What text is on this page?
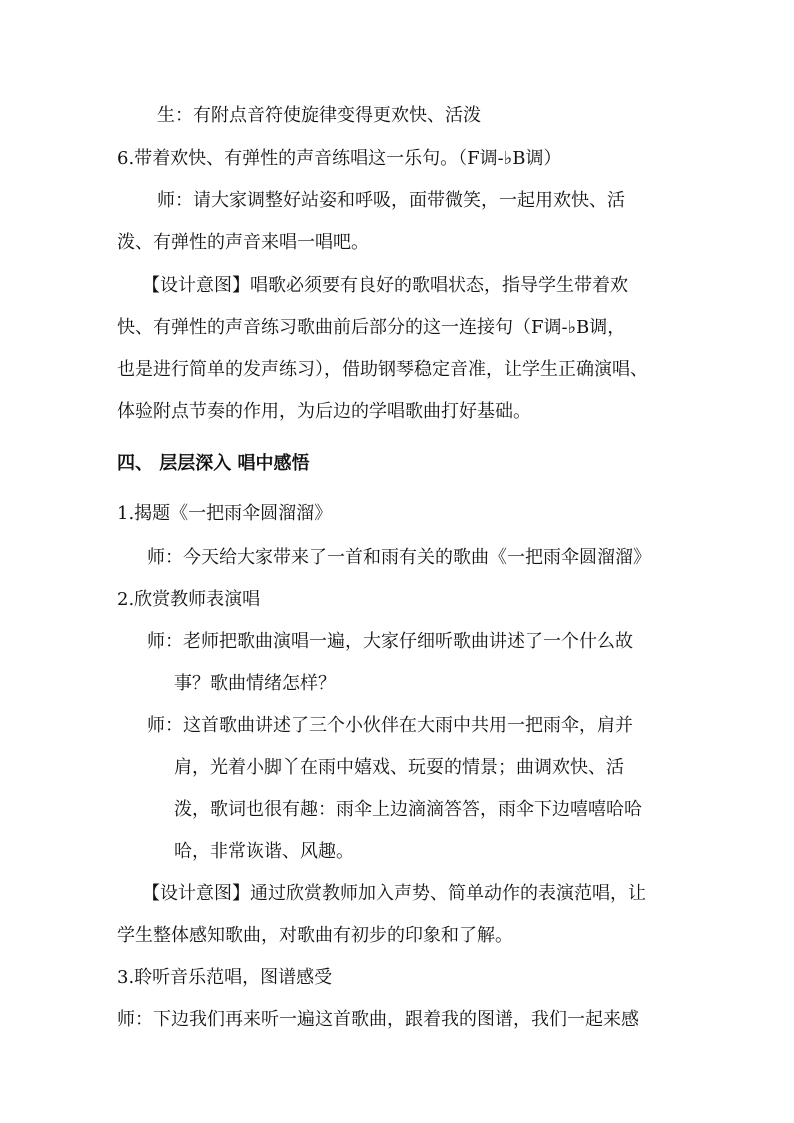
生：有附点音符使旋律变得更欢快、活泼
6.带着欢快、有弹性的声音练唱这一乐句。（F调-♭B调）
师：请大家调整好站姿和呼吸，面带微笑，一起用欢快、活
泼、有弹性的声音来唱一唱吧。
【设计意图】唱歌必须要有良好的歌唱状态，指导学生带着欢
快、有弹性的声音练习歌曲前后部分的这一连接句（F调-♭B调，
也是进行简单的发声练习），借助钢琴稳定音准，让学生正确演唱、
体验附点节奏的作用，为后边的学唱歌曲打好基础。
四、 层层深入 唱中感悟
1.揭题《一把雨伞圆溜溜》
师：今天给大家带来了一首和雨有关的歌曲《一把雨伞圆溜溜》
2.欣赏教师表演唱
师：老师把歌曲演唱一遍，大家仔细听歌曲讲述了一个什么故
事？歌曲情绪怎样？
师：这首歌曲讲述了三个小伙伴在大雨中共用一把雨伞，肩并
肩，光着小脚丫在雨中嬉戏、玩耍的情景；曲调欢快、活
泼，歌词也很有趣：雨伞上边滴滴答答，雨伞下边嘻嘻哈哈
哈，非常诙谐、风趣。
【设计意图】通过欣赏教师加入声势、简单动作的表演范唱，让
学生整体感知歌曲，对歌曲有初步的印象和了解。
3.聆听音乐范唱，图谱感受
师：下边我们再来听一遍这首歌曲，跟着我的图谱，我们一起来感
